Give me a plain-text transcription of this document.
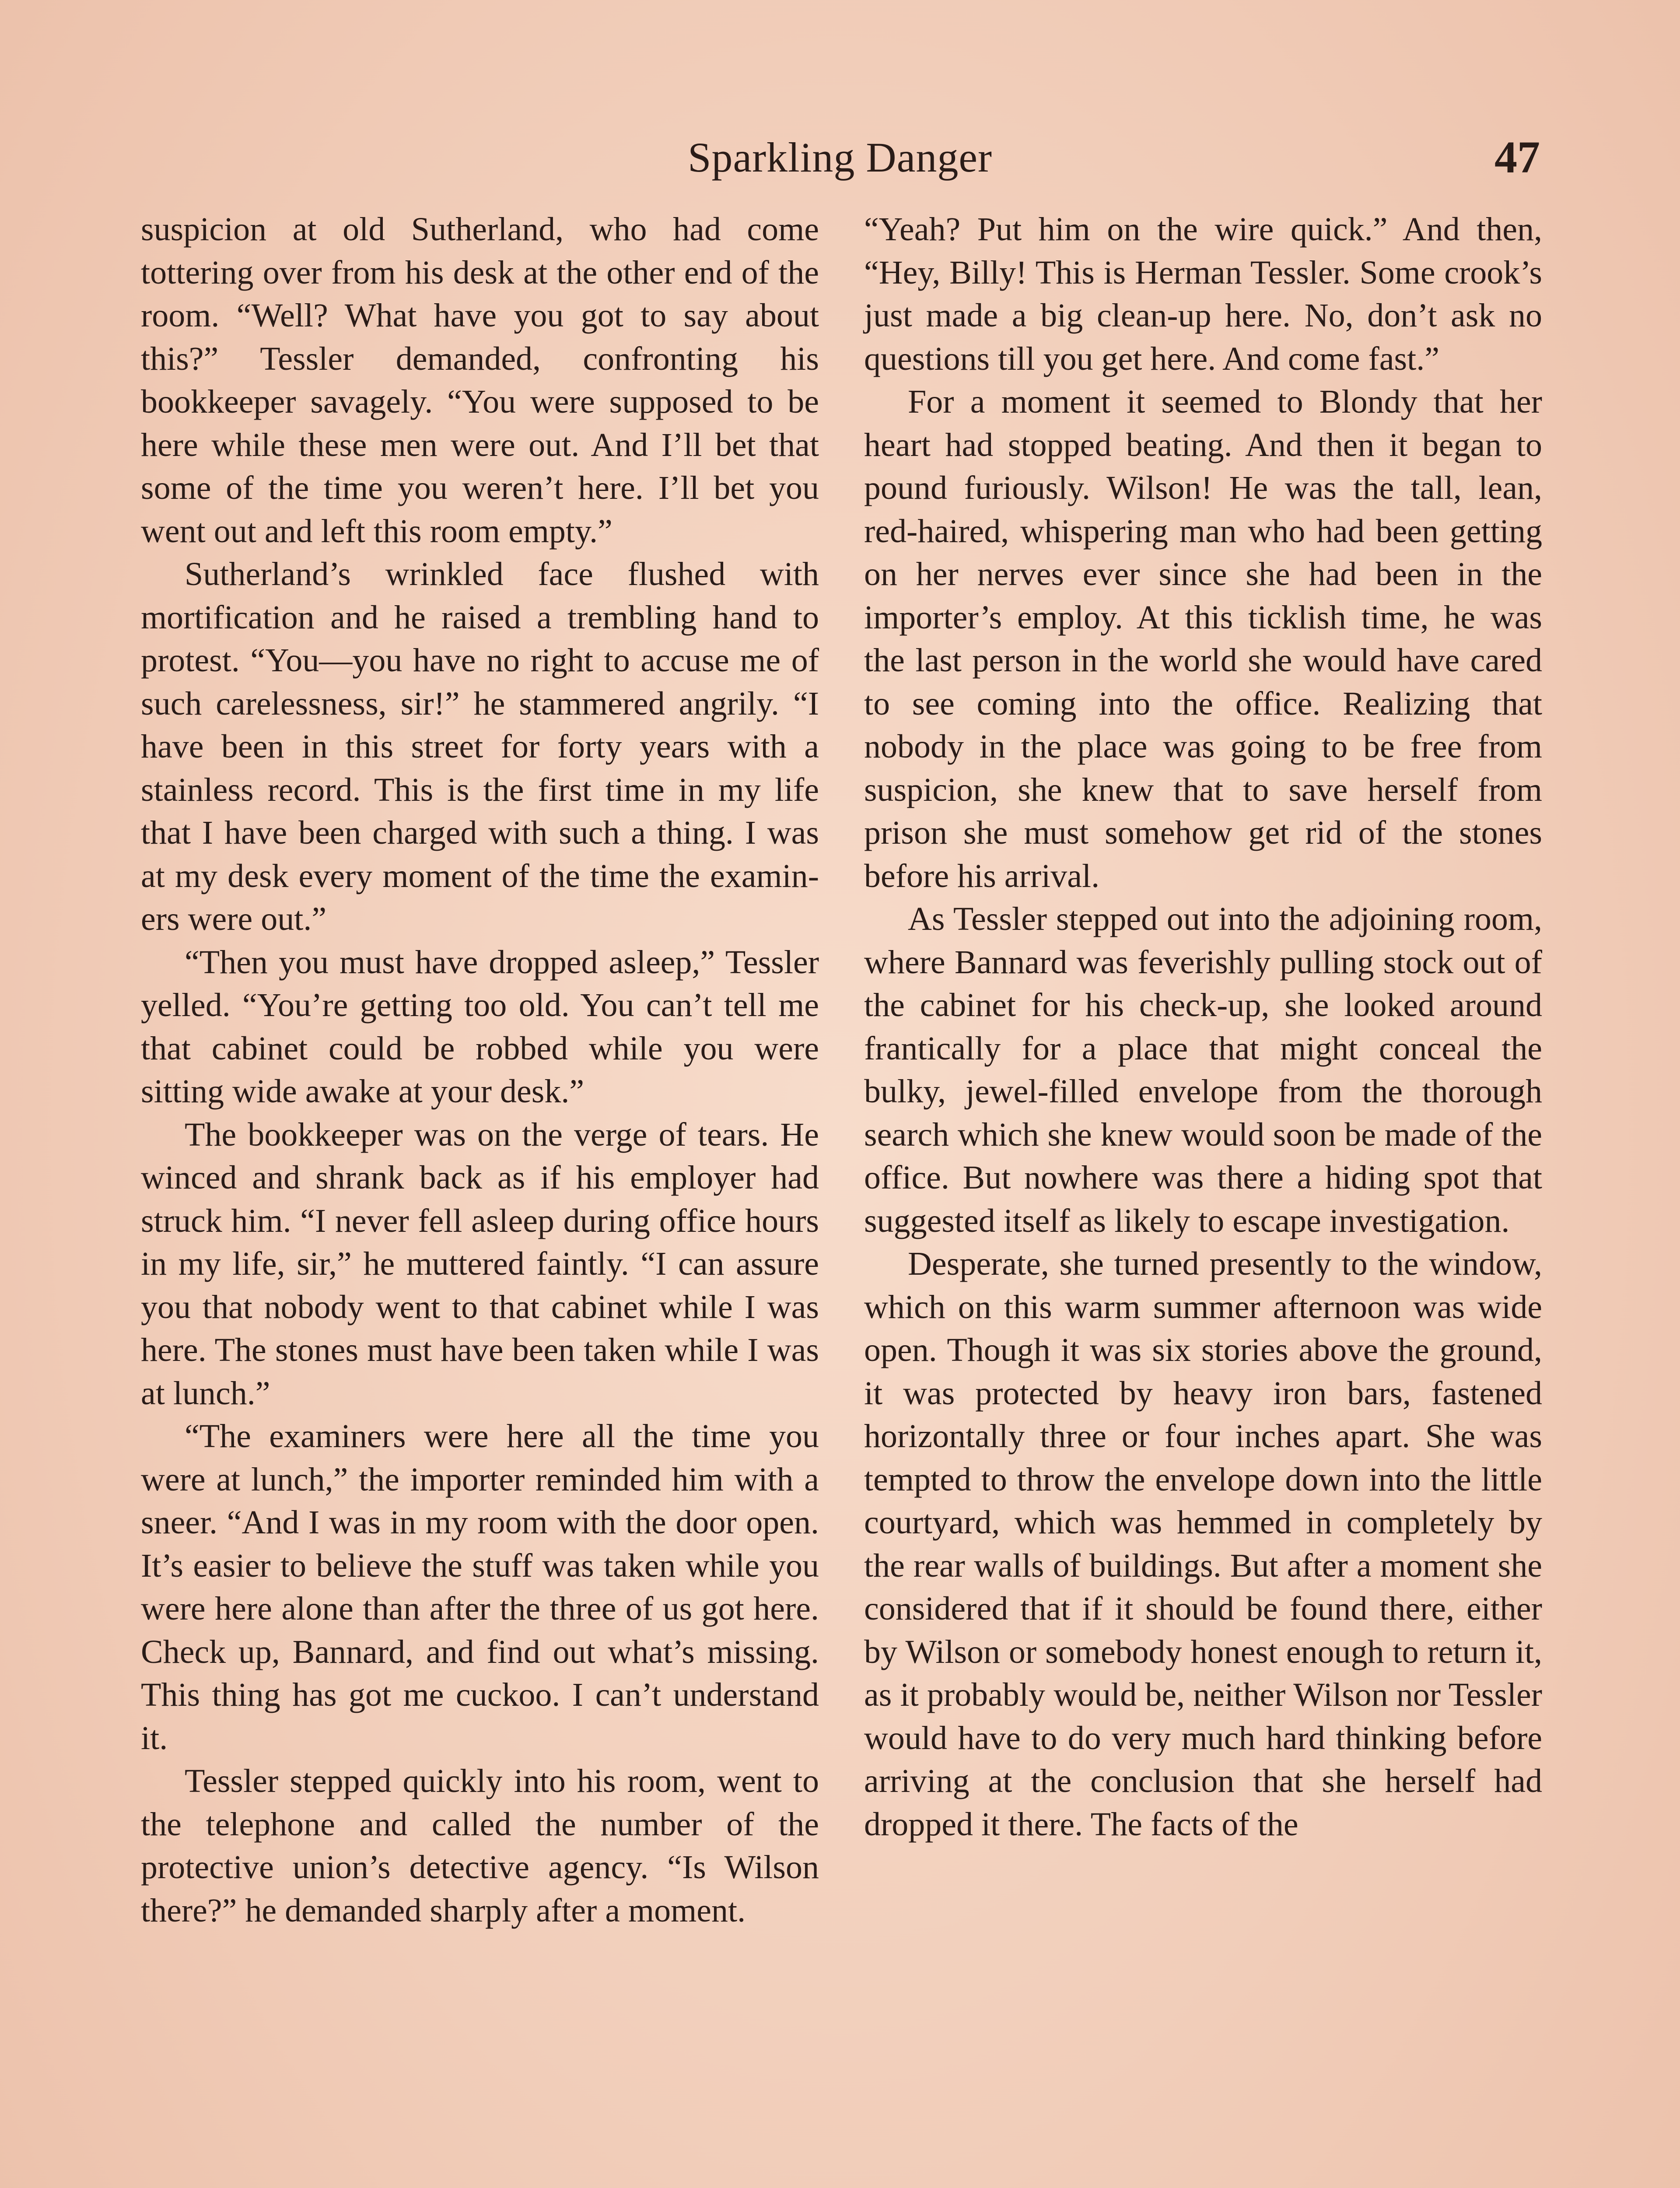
Sparkling Danger	47

suspicion at old Sutherland, who had come tottering over from his desk at the other end of the room. “Well? What have you got to say about this?” Tessler demanded, confronting his bookkeeper savagely. “You were supposed to be here while these men were out. And I’ll bet that some of the time you weren’t here. I’ll bet you went out and left this room empty.”

Sutherland’s wrinkled face flushed with mortification and he raised a trembling hand to protest. “You—you have no right to accuse me of such carelessness, sir!” he stammered angrily. “I have been in this street for forty years with a stainless record. This is the first time in my life that I have been charged with such a thing. I was at my desk every moment of the time the examiners were out.”

“Then you must have dropped asleep,” Tessler yelled. “You’re getting too old. You can’t tell me that cabinet could be robbed while you were sitting wide awake at your desk.”

The bookkeeper was on the verge of tears. He winced and shrank back as if his employer had struck him. “I never fell asleep during office hours in my life, sir,” he muttered faintly. “I can assure you that nobody went to that cabinet while I was here. The stones must have been taken while I was at lunch.”

“The examiners were here all the time you were at lunch,” the importer reminded him with a sneer. “And I was in my room with the door open. It’s easier to believe the stuff was taken while you were here alone than after the three of us got here. Check up, Bannard, and find out what’s missing. This thing has got me cuckoo. I can’t understand it.

Tessler stepped quickly into his room, went to the telephone and called the number of the protective union’s detective agency. “Is Wilson there?” he demanded sharply after a moment.

“Yeah? Put him on the wire quick.” And then, “Hey, Billy! This is Herman Tessler. Some crook’s just made a big clean-up here. No, don’t ask no questions till you get here. And come fast.”

For a moment it seemed to Blondy that her heart had stopped beating. And then it began to pound furiously. Wilson! He was the tall, lean, red-haired, whispering man who had been getting on her nerves ever since she had been in the importer’s employ. At this ticklish time, he was the last person in the world she would have cared to see coming into the office. Realizing that nobody in the place was going to be free from suspicion, she knew that to save herself from prison she must somehow get rid of the stones before his arrival.

As Tessler stepped out into the adjoining room, where Bannard was feverishly pulling stock out of the cabinet for his check-up, she looked around frantically for a place that might conceal the bulky, jewel-filled envelope from the thorough search which she knew would soon be made of the office. But nowhere was there a hiding spot that suggested itself as likely to escape investigation.

Desperate, she turned presently to the window, which on this warm summer afternoon was wide open. Though it was six stories above the ground, it was protected by heavy iron bars, fastened horizontally three or four inches apart. She was tempted to throw the envelope down into the little courtyard, which was hemmed in completely by the rear walls of buildings. But after a moment she considered that if it should be found there, either by Wilson or somebody honest enough to return it, as it probably would be, neither Wilson nor Tessler would have to do very much hard thinking before arriving at the conclusion that she herself had dropped it there. The facts of the
